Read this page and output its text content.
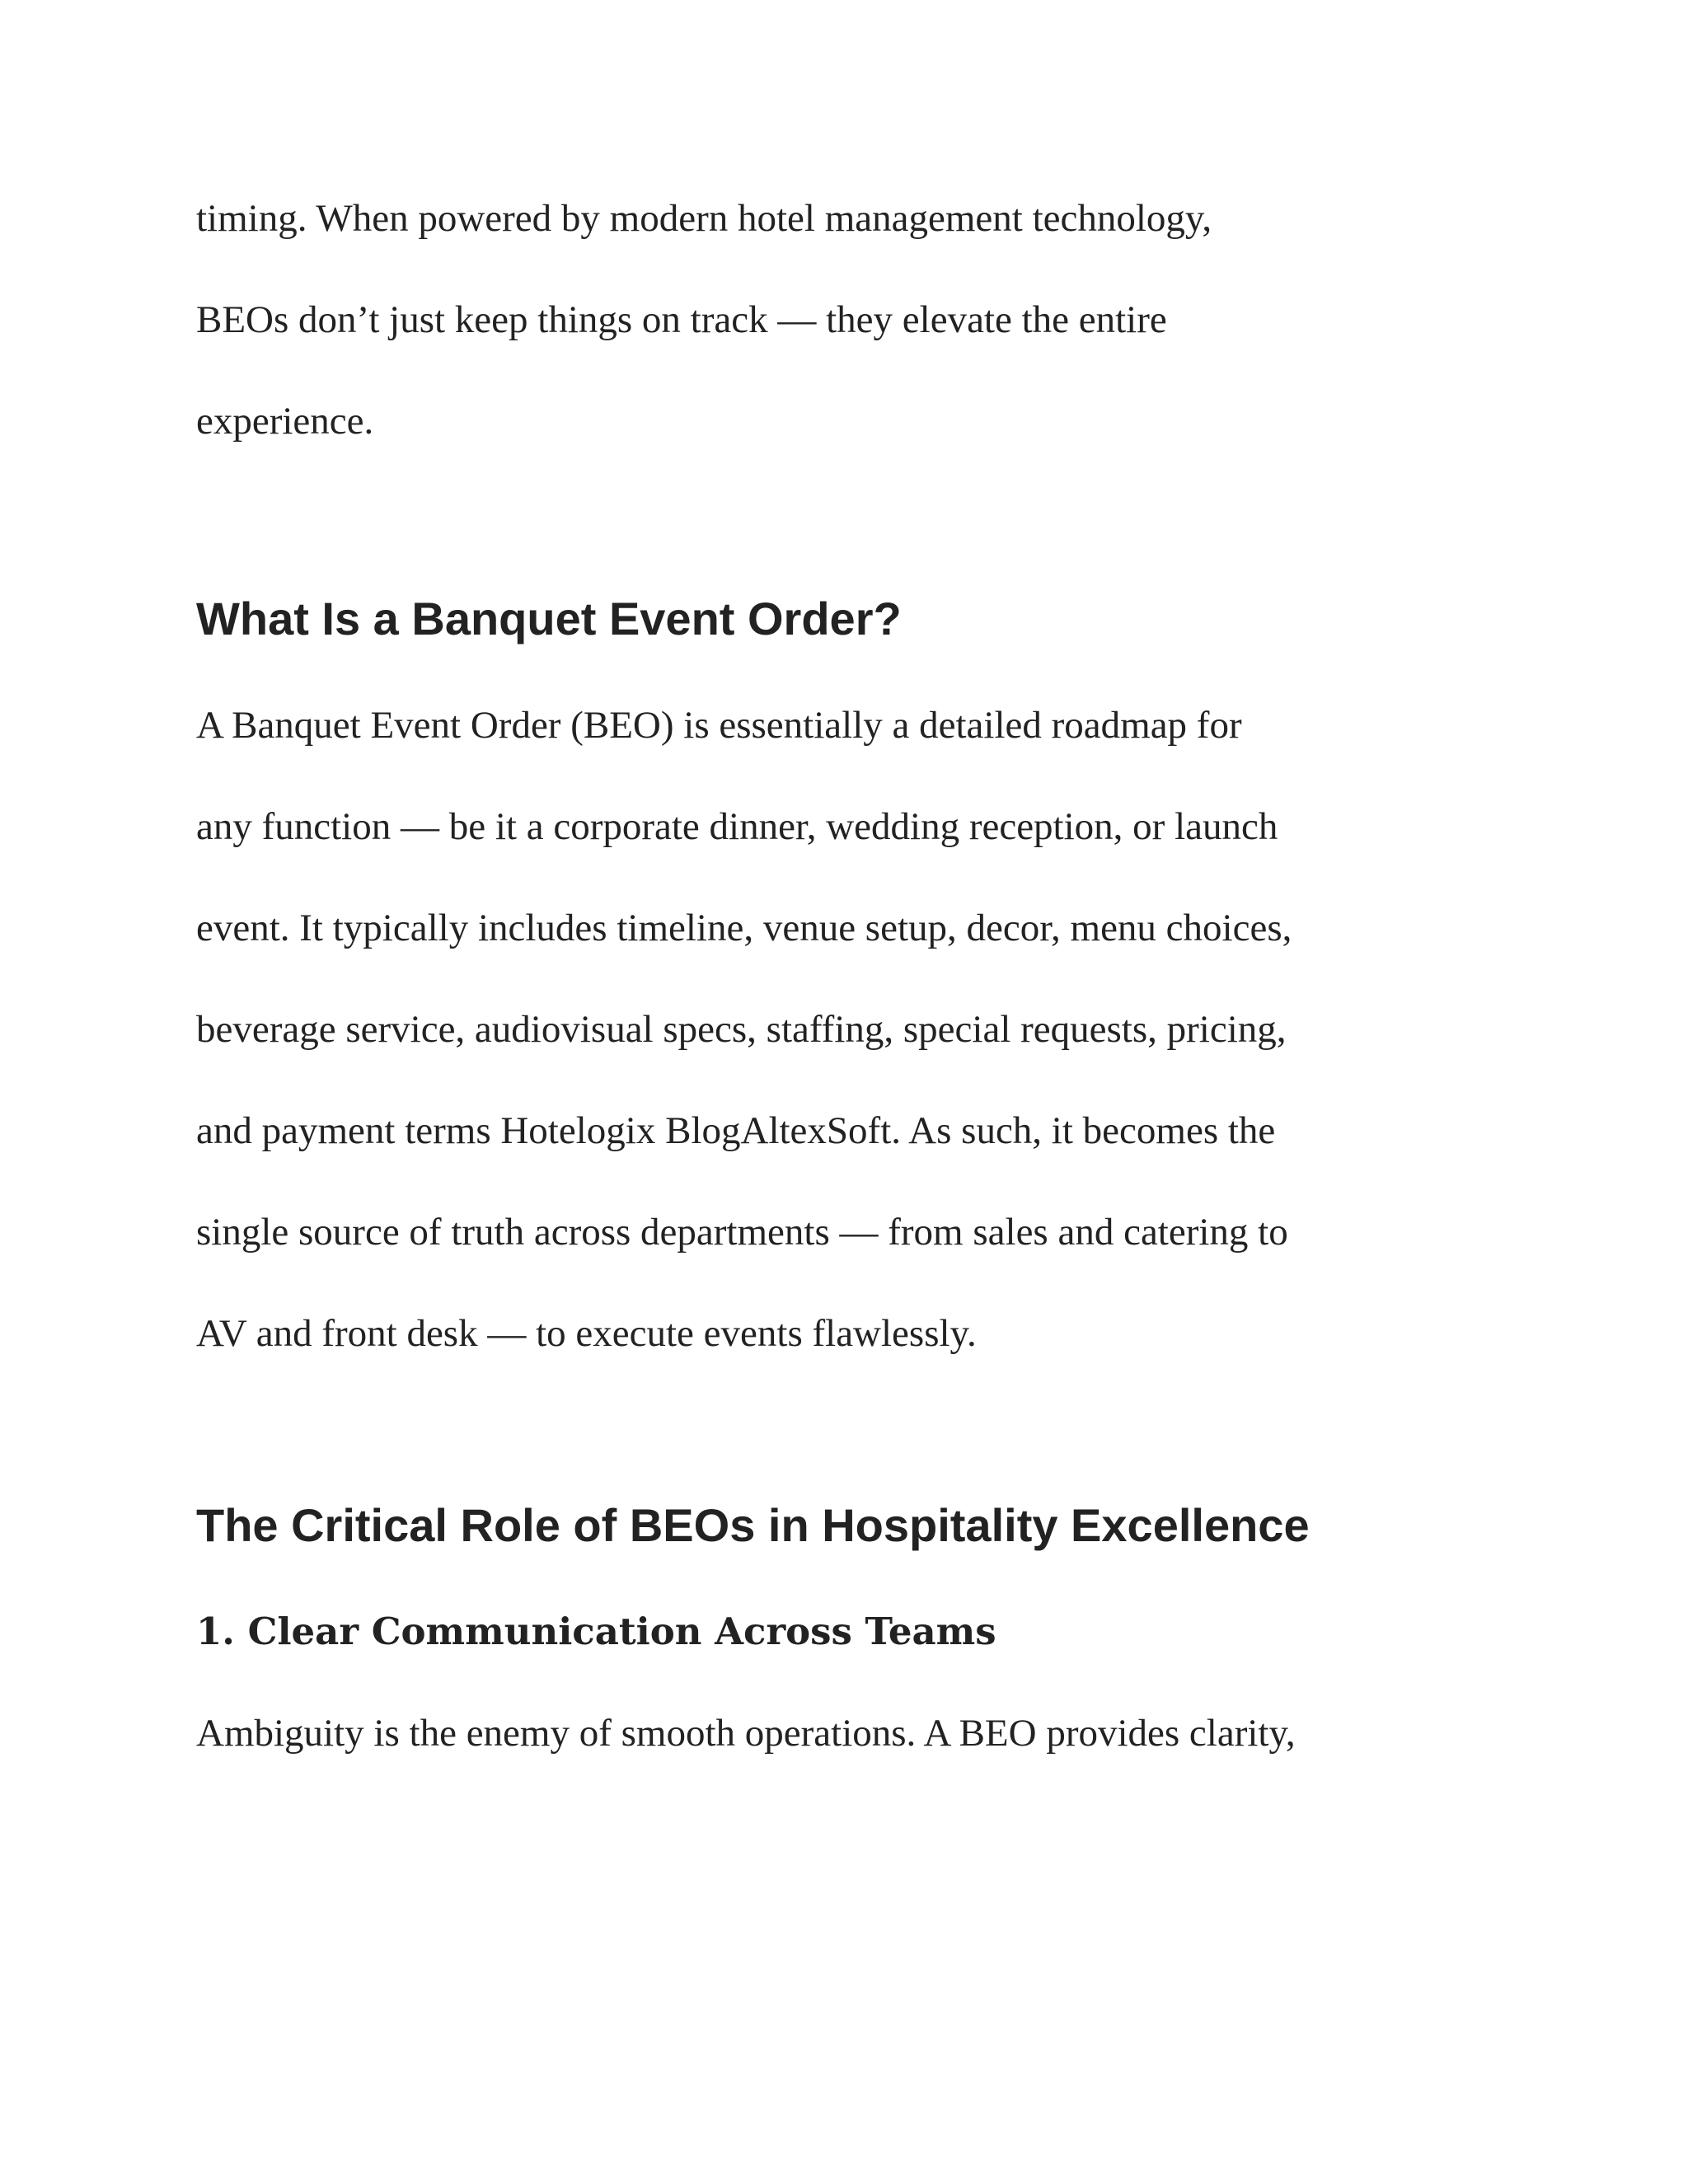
timing. When powered by modern hotel management technology,
BEOs don’t just keep things on track — they elevate the entire
experience.
What Is a Banquet Event Order?
A Banquet Event Order (BEO) is essentially a detailed roadmap for
any function — be it a corporate dinner, wedding reception, or launch
event. It typically includes timeline, venue setup, decor, menu choices,
beverage service, audiovisual specs, staffing, special requests, pricing,
and payment terms Hotelogix BlogAltexSoft. As such, it becomes the
single source of truth across departments — from sales and catering to
AV and front desk — to execute events flawlessly.
The Critical Role of BEOs in Hospitality Excellence
1. Clear Communication Across Teams
Ambiguity is the enemy of smooth operations. A BEO provides clarity,
